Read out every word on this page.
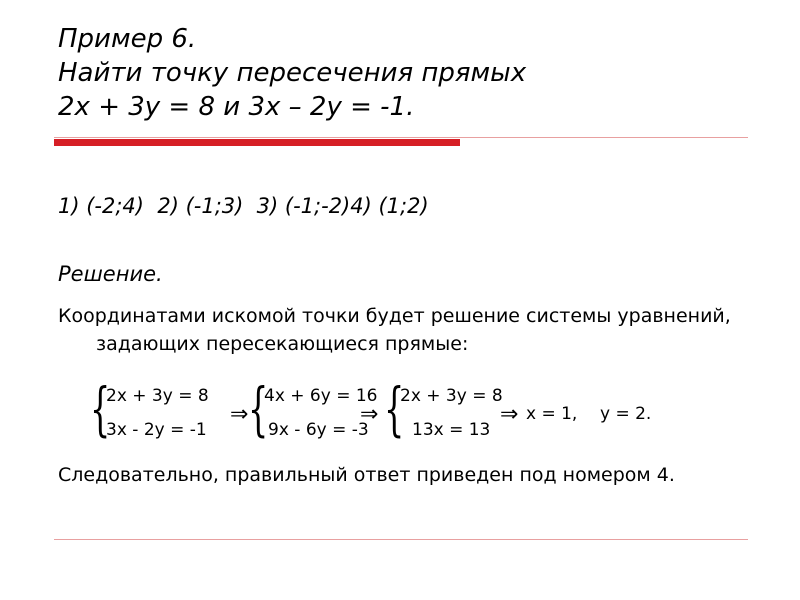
Пример 6.
Найти точку пересечения прямых
2x + 3y = 8 и 3x – 2y = -1.
1) (-2;4)  2) (-1;3)  3) (-1;-2)4) (1;2)
Решение.
Координатами искомой точки будет решение системы уравнений, задающих пересекающиеся прямые:
{
2x + 3y = 8
3x - 2y = -1
⇒ {
4x + 6y = 16
9x - 6y = -3
⇒ {
2x + 3y = 8
13x = 13
⇒ x = 1, y = 2.
Следовательно, правильный ответ приведен под номером 4.
